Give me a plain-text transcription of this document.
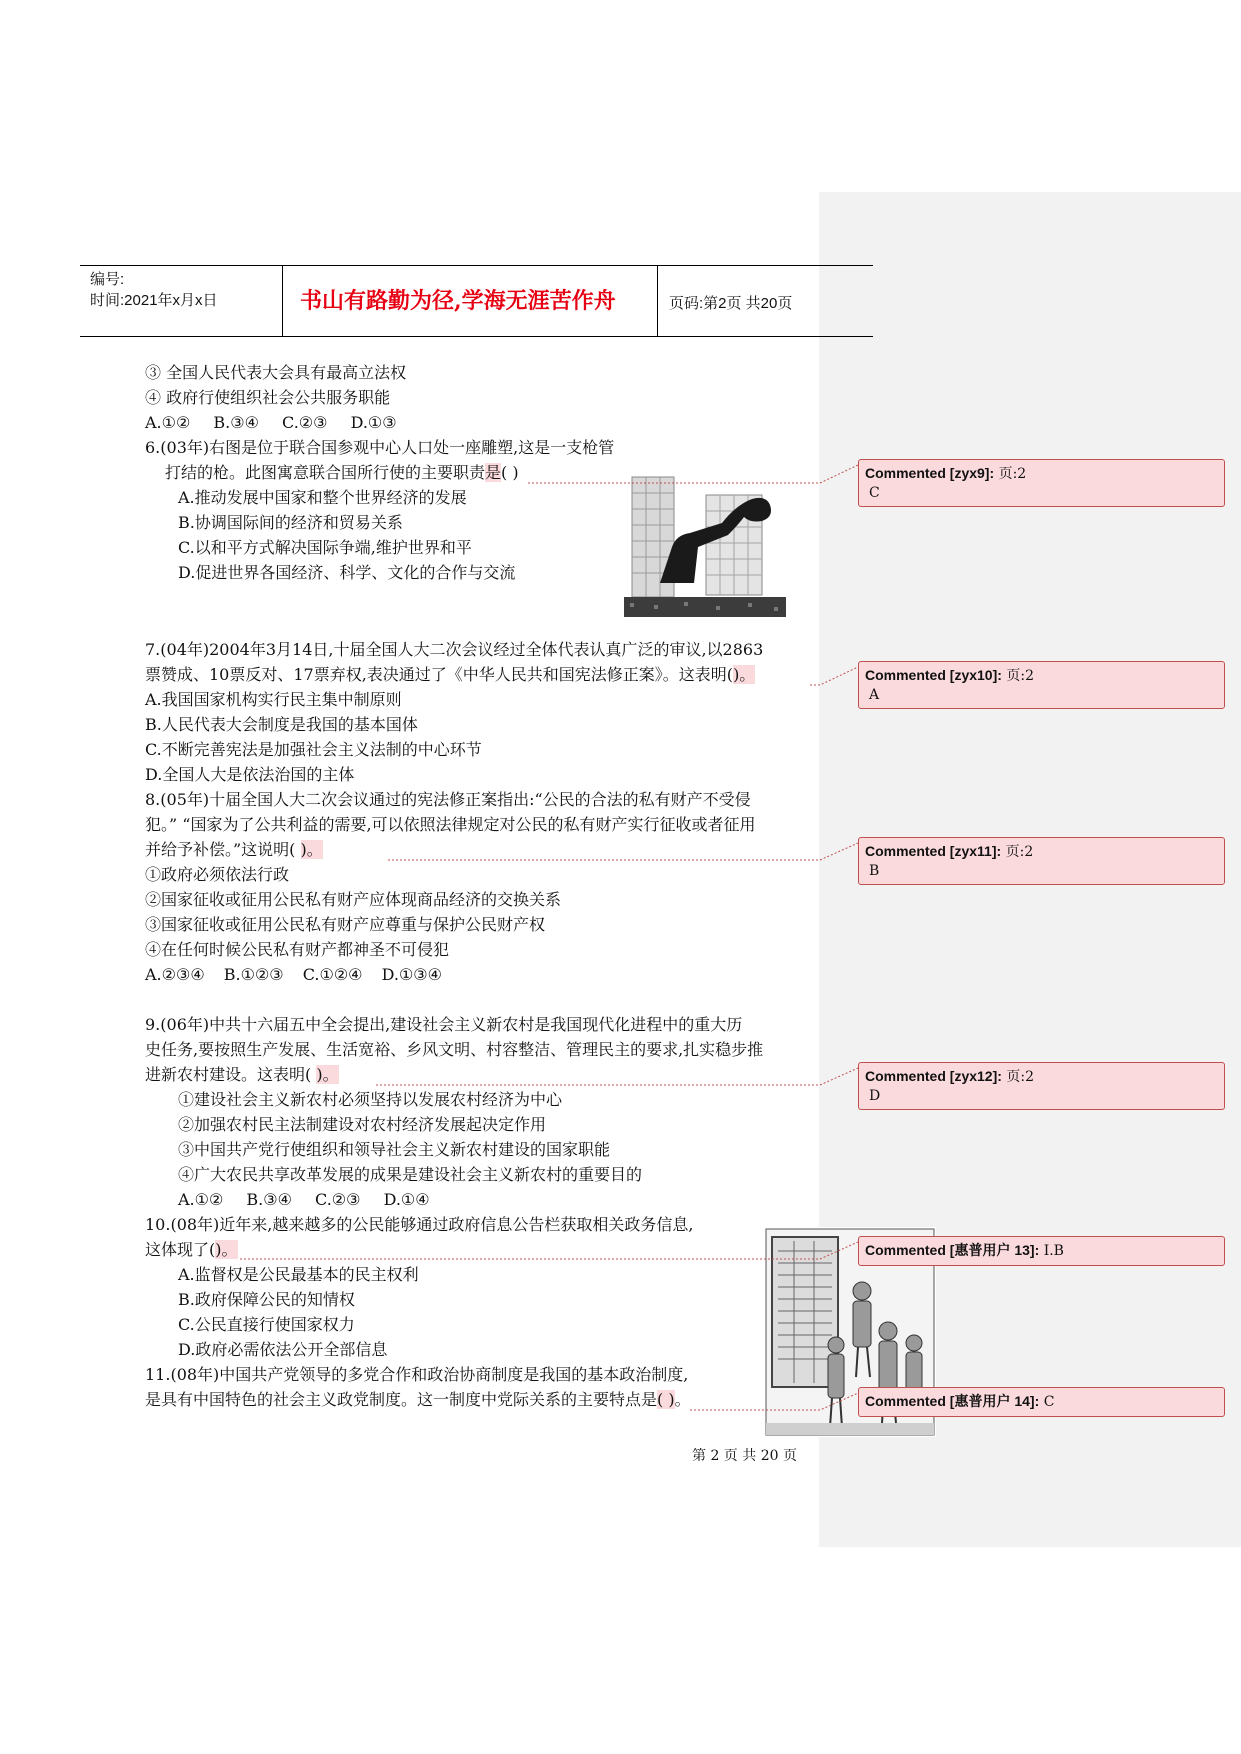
编号:
时间:2021年x月x日	书山有路勤为径,学海无涯苦作舟	页码:第2页 共20页
③ 全国人民代表大会具有最高立法权
④ 政府行使组织社会公共服务职能
A.①② B.③④ C.②③ D.①③
6.(03年)右图是位于联合国参观中心人口处一座雕塑,这是一支枪管
打结的枪。此图寓意联合国所行使的主要职责是( )
A.推动发展中国家和整个世界经济的发展
B.协调国际间的经济和贸易关系
C.以和平方式解决国际争端,维护世界和平
D.促进世界各国经济、科学、文化的合作与交流
7.(04年)2004年3月14日,十届全国人大二次会议经过全体代表认真广泛的审议,以2863
票赞成、10票反对、17票弃权,表决通过了《中华人民共和国宪法修正案》。这表明()。
A.我国国家机构实行民主集中制原则
B.人民代表大会制度是我国的基本国体
C.不断完善宪法是加强社会主义法制的中心环节
D.全国人大是依法治国的主体
8.(05年)十届全国人大二次会议通过的宪法修正案指出:“公民的合法的私有财产不受侵
犯。” “国家为了公共利益的需要,可以依照法律规定对公民的私有财产实行征收或者征用
并给予补偿。”这说明( )。
①政府必须依法行政
②国家征收或征用公民私有财产应体现商品经济的交换关系
③国家征收或征用公民私有财产应尊重与保护公民财产权
④在任何时候公民私有财产都神圣不可侵犯
A.②③④ B.①②③ C.①②④ D.①③④
9.(06年)中共十六届五中全会提出,建设社会主义新农村是我国现代化进程中的重大历
史任务,要按照生产发展、生活宽裕、乡风文明、村容整洁、管理民主的要求,扎实稳步推
进新农村建设。这表明( )。
①建设社会主义新农村必须坚持以发展农村经济为中心
②加强农村民主法制建设对农村经济发展起决定作用
③中国共产党行使组织和领导社会主义新农村建设的国家职能
④广大农民共享改革发展的成果是建设社会主义新农村的重要目的
A.①② B.③④ C.②③ D.①④
10.(08年)近年来,越来越多的公民能够通过政府信息公告栏获取相关政务信息,
这体现了()。
A.监督权是公民最基本的民主权利
B.政府保障公民的知情权
C.公民直接行使国家权力
D.政府必需依法公开全部信息
11.(08年)中国共产党领导的多党合作和政治协商制度是我国的基本政治制度,
是具有中国特色的社会主义政党制度。这一制度中党际关系的主要特点是( )。
Commented [zyx9]: 页:2
C
Commented [zyx10]: 页:2
A
Commented [zyx11]: 页:2
B
Commented [zyx12]: 页:2
D
Commented [惠普用户 13]: I.B
Commented [惠普用户 14]: C
第 2 页 共 20 页
